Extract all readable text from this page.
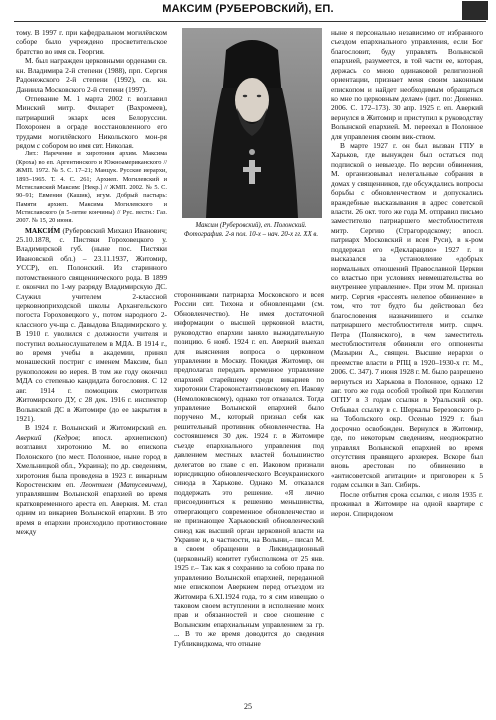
МАКСИМ (РУБЕРОВСКИЙ), ЕП.

тому. В 1997 г. при кафедральном могилёвском соборе было учреждено просветительское братство во имя св. Георгия.

М. был награжден церковными орденами св. кн. Владимира 2-й степени (1988), прп. Сергия Радонежского 2-й степени (1992), св. кн. Даниила Московского 2-й степени (1997).

Отпевание М. 1 марта 2002 г. возглавил Минский митр. Филарет (Вахромеев), патриарший экзарх всея Белоруссии. Похоронен в ограде восстановленного его трудами могилёвского Никольского мон-ря рядом с собором во имя свт. Николая.

Лит.: Наречение и хиротония архим. Максима (Кроха) во еп. Аргентинского и Южноамериканского // ЖМП. 1972. № 5. С. 17–21; Манцук. Русские иерархи, 1893–1965. Т. 4. С. 261; Архиеп. Могилевский и Мстиславский Максим: [Некр.] // ЖМП. 2002. № 5. С. 90–91; Евмения (Кашик), игум. Добрый пастырь: Памяти архиеп. Максима Могилевского и Мстиславского (в 5-летие кончины) // Рус. вестн.: Газ. 2007. № 15, 20 июня.

МАКСИ́М (Руберовский Михаил Иванович; 25.10.1878, с. Пистяки Гороховецкого у. Владимирской губ. (ныне пос. Пистяки Ивановской обл.) – 23.11.1937, Житомир, УССР), еп. Полонский. Из старинного потомственного священнического рода. В 1899 г. окончил по 1-му разряду Владимирскую ДС. Служил учителем 2-классной церковноприходской школы Архангельского погоста Гороховецкого у., потом народного 2-классного уч-ща с. Давыдова Владимирского у. В 1910 г. уволился с должности учителя и поступил вольнослушателем в МДА. В 1914 г., во время учебы в академии, принял монашеский постриг с именем Максим, был рукоположен во иерея. В том же году окончил МДА со степенью кандидата богословия. С 12 авг. 1914 г. помощник смотрителя Житомирского ДУ, с 28 дек. 1916 г. инспектор Волынской ДС в Житомире (до ее закрытия в 1921).

В 1924 г. Волынский и Житомирский еп. Аверкий (Кедров; впосл. архиепископ) возглавил хиротонию М. во епископа Полонского (по мест. Полонное, ныне город в Хмельницкой обл., Украина); по др. сведениям, хиротония была проведена в 1923 г. викарным Коростенским еп. Леонтием (Матусевичем), управлявшим Волынской епархией во время кратковременного ареста еп. Аверкия. М. стал одним из викариев Волынской епархии. В это время в епархии происходило противостояние между

Максим (Руберовский), еп. Полонский. Фотография. 2-я пол. 10-х – нач. 20-х гг. XX в.

сторонниками патриарха Московского и всея России свт. Тихона и обновленцами (см. Обновленчество). Не имея достаточной информации о высшей церковной власти, руководство епархии заняло выжидательную позицию. 6 нояб. 1924 г. еп. Аверкий выехал для выяснения вопроса о церковном управлении в Москву. Покидая Житомир, он предполагал передать временное управление епархией старейшему среди викариев по хиротонии Староконстантиновскому еп. Иакову (Немолоковскому), однако тот отказался. Тогда управление Волынской епархией было поручено М., который признал себя как решительный противник обновленчества. На состоявшемся 30 дек. 1924 г. в Житомире съезде епархиального управления под давлением местных властей большинство делегатов во главе с еп. Иаковом признали юрисдикцию обновленческого Всеукраинского синода в Харькове. Однако М. отказался поддержать это решение. «Я лично присоединиться к решению меньшинства, отвергающего современное обновленчество и не признающее Харьковский обновленческий синод как высший орган церковной власти на Украине и, в частности, на Волыни,– писал М. в своем обращении в Ликвидационный (церковный) комитет губисполкома от 25 янв. 1925 г.– Так как я сохранию за собою права по управлению Волынской епархией, переданной мне епископом Аверкием перед отъездом из Житомира 6.XI.1924 года, то я сим извещаю о таковом своем вступлении в исполнение моих прав и обязанностей и свое сношение с Волынским епархиальным управлением за гр. ... В то же время доводится до сведения Губликвидкома, что отныне

ныне я персонально независимо от избранного съездом епархиального управления, если Бог благословит, буду управлять Волынской епархией, разумеется, в той части ее, которая, держась со мною одинаковой религиозной ориентации, признает меня своим законным епископом и найдет необходимым обращаться ко мне по церковным делам» (цит. по: Доненко. 2006. С. 172–173). 30 апр. 1925 г. еп. Аверкий вернулся в Житомир и приступил к руководству Волынской епархией. М. переехал в Полонное для управления своим вик-ством.

В марте 1927 г. он был вызван ГПУ в Харьков, где вынужден был остаться под подпиской о невыезде. По версии обвинения, М. организовывал нелегальные собрания в домах у священников, где обсуждались вопросы борьбы с обновленчеством и допускались враждебные высказывания в адрес советской власти. 26 окт. того же года М. отправил письмо заместителю патриаршего местоблюстителя митр. Сергию (Страгородскому; впосл. патриарх Московский и всея Руси), в к-ром поддержал его «Декларацию» 1927 г. и высказался за установление «добрых нормальных отношений Православной Церкви со властью при условиях невмешательства во внутреннее управление». При этом М. признал митр. Сергия «рассеять нелепое обвинение» в том, что тот будто бы действовал без благословения назначившего и ссылке патриаршего местоблюстителя митр. сщмч. Петра (Полянского), в чем заместитель местоблюстителя обвиняли его оппоненты (Мазырин А., священ. Высшие иерархи о преемстве власти в РПЦ в 1920–1930-х гг. М., 2006. С. 347). 7 июня 1928 г. М. было разрешено вернуться из Харькова в Полонное, однако 12 авг. того же года особой тройкой при Коллегии ОГПУ в 3 годам ссылки в Уральский окр. Отбывал ссылку в с. Шеркалы Березовского р-на Тобольского окр. Осенью 1929 г. был досрочно освобожден. Вернулся в Житомир, где, по некоторым сведениям, неоднократно управлял Волынской епархией во время отсутствия правящего архиерея. Вскоре был вновь арестован по обвинению в «антисоветской агитации» и приговорен к 5 годам ссылки в Зап. Сибирь.

После отбытия срока ссылки, с июля 1935 г. проживал в Житомире на одной квартире с иерон. Спиридоном

25
